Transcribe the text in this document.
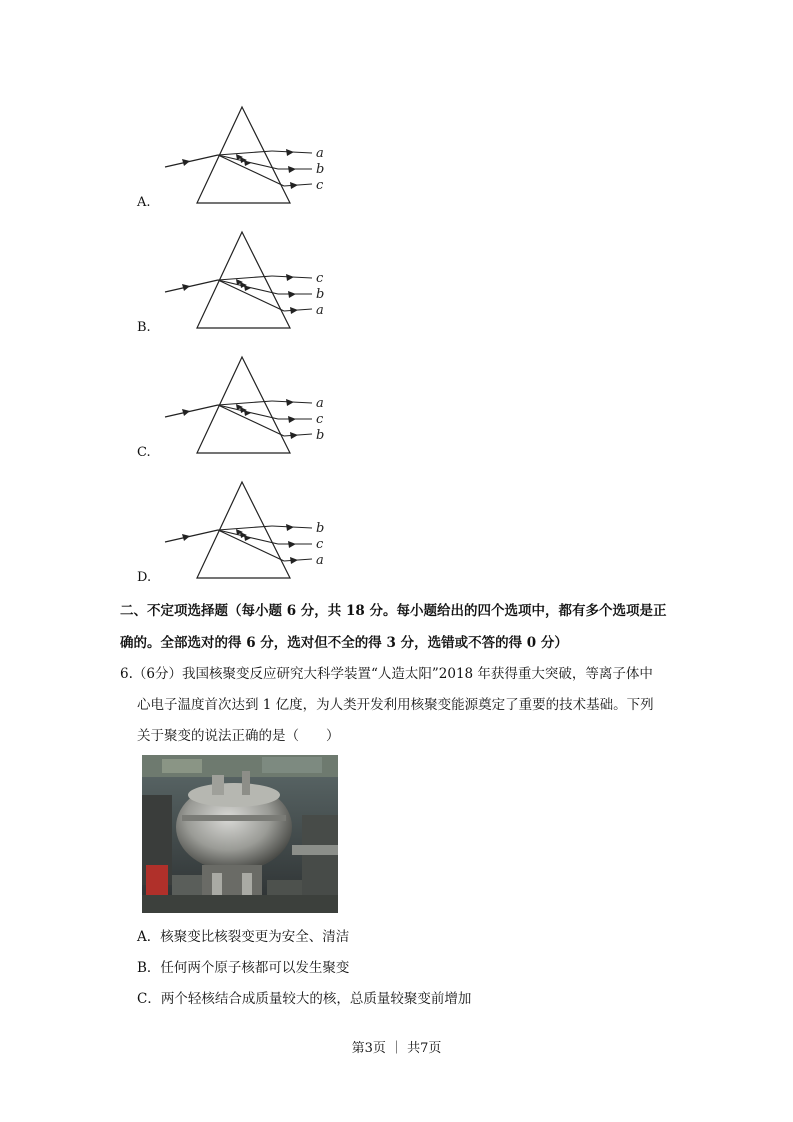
A.
a
b
c
B.
c
b
a
C.
a
c
b
D.
b
c
a
二、不定项选择题（每小题 6 分，共 18 分。每小题给出的四个选项中，都有多个选项是正
确的。全部选对的得 6 分，选对但不全的得 3 分，选错或不答的得 0 分）
6.（6分）我国核聚变反应研究大科学装置“人造太阳”2018 年获得重大突破，等离子体中
心电子温度首次达到 1 亿度，为人类开发利用核聚变能源奠定了重要的技术基础。下列
关于聚变的说法正确的是（　　）
A．核聚变比核裂变更为安全、清洁
B．任何两个原子核都可以发生聚变
C．两个轻核结合成质量较大的核，总质量较聚变前增加
第3页 ｜ 共7页
